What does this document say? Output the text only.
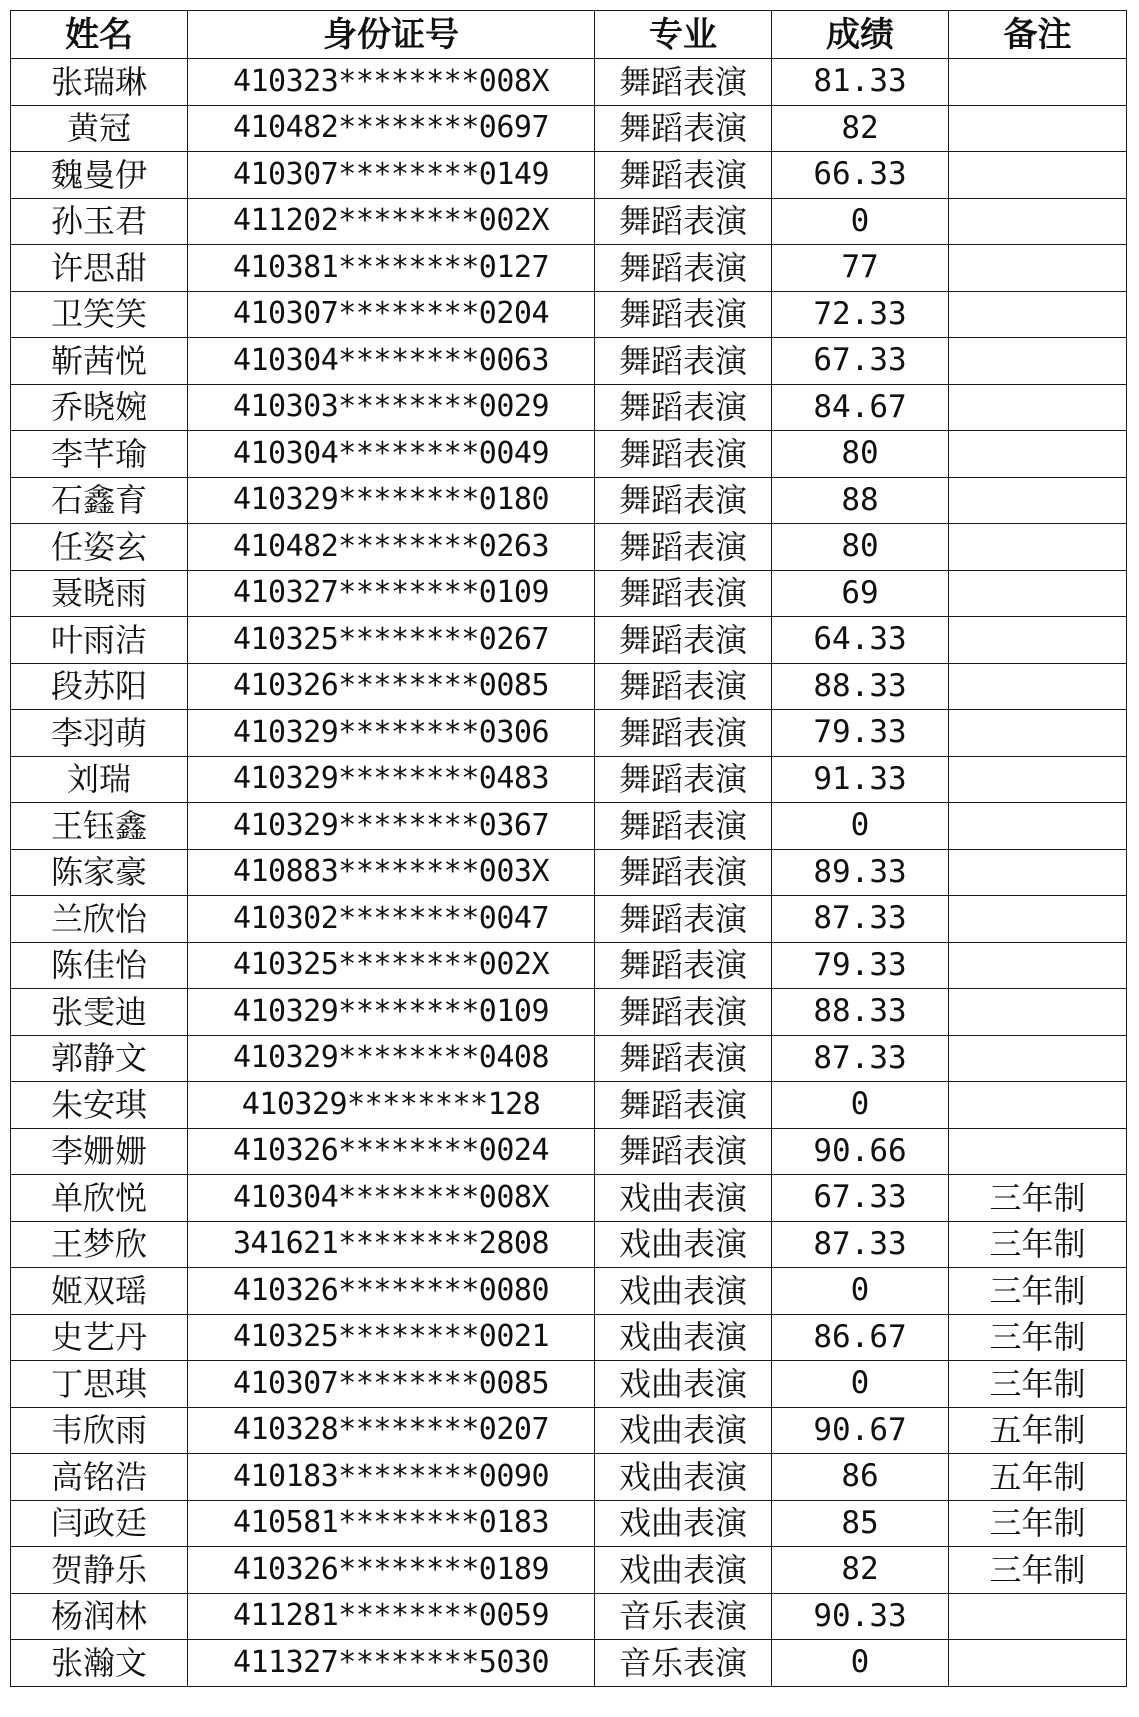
姓名	身份证号	专业	成绩	备注
张瑞琳	410323********008X	舞蹈表演	81.33	
黄冠	410482********0697	舞蹈表演	82	
魏曼伊	410307********0149	舞蹈表演	66.33	
孙玉君	411202********002X	舞蹈表演	0	
许思甜	410381********0127	舞蹈表演	77	
卫笑笑	410307********0204	舞蹈表演	72.33	
靳茜悦	410304********0063	舞蹈表演	67.33	
乔晓婉	410303********0029	舞蹈表演	84.67	
李芊瑜	410304********0049	舞蹈表演	80	
石鑫育	410329********0180	舞蹈表演	88	
任姿玄	410482********0263	舞蹈表演	80	
聂晓雨	410327********0109	舞蹈表演	69	
叶雨洁	410325********0267	舞蹈表演	64.33	
段苏阳	410326********0085	舞蹈表演	88.33	
李羽萌	410329********0306	舞蹈表演	79.33	
刘瑞	410329********0483	舞蹈表演	91.33	
王钰鑫	410329********0367	舞蹈表演	0	
陈家豪	410883********003X	舞蹈表演	89.33	
兰欣怡	410302********0047	舞蹈表演	87.33	
陈佳怡	410325********002X	舞蹈表演	79.33	
张雯迪	410329********0109	舞蹈表演	88.33	
郭静文	410329********0408	舞蹈表演	87.33	
朱安琪	410329********128	舞蹈表演	0	
李姗姗	410326********0024	舞蹈表演	90.66	
单欣悦	410304********008X	戏曲表演	67.33	三年制
王梦欣	341621********2808	戏曲表演	87.33	三年制
姬双瑶	410326********0080	戏曲表演	0	三年制
史艺丹	410325********0021	戏曲表演	86.67	三年制
丁思琪	410307********0085	戏曲表演	0	三年制
韦欣雨	410328********0207	戏曲表演	90.67	五年制
高铭浩	410183********0090	戏曲表演	86	五年制
闫政廷	410581********0183	戏曲表演	85	三年制
贺静乐	410326********0189	戏曲表演	82	三年制
杨润林	411281********0059	音乐表演	90.33	
张瀚文	411327********5030	音乐表演	0	
